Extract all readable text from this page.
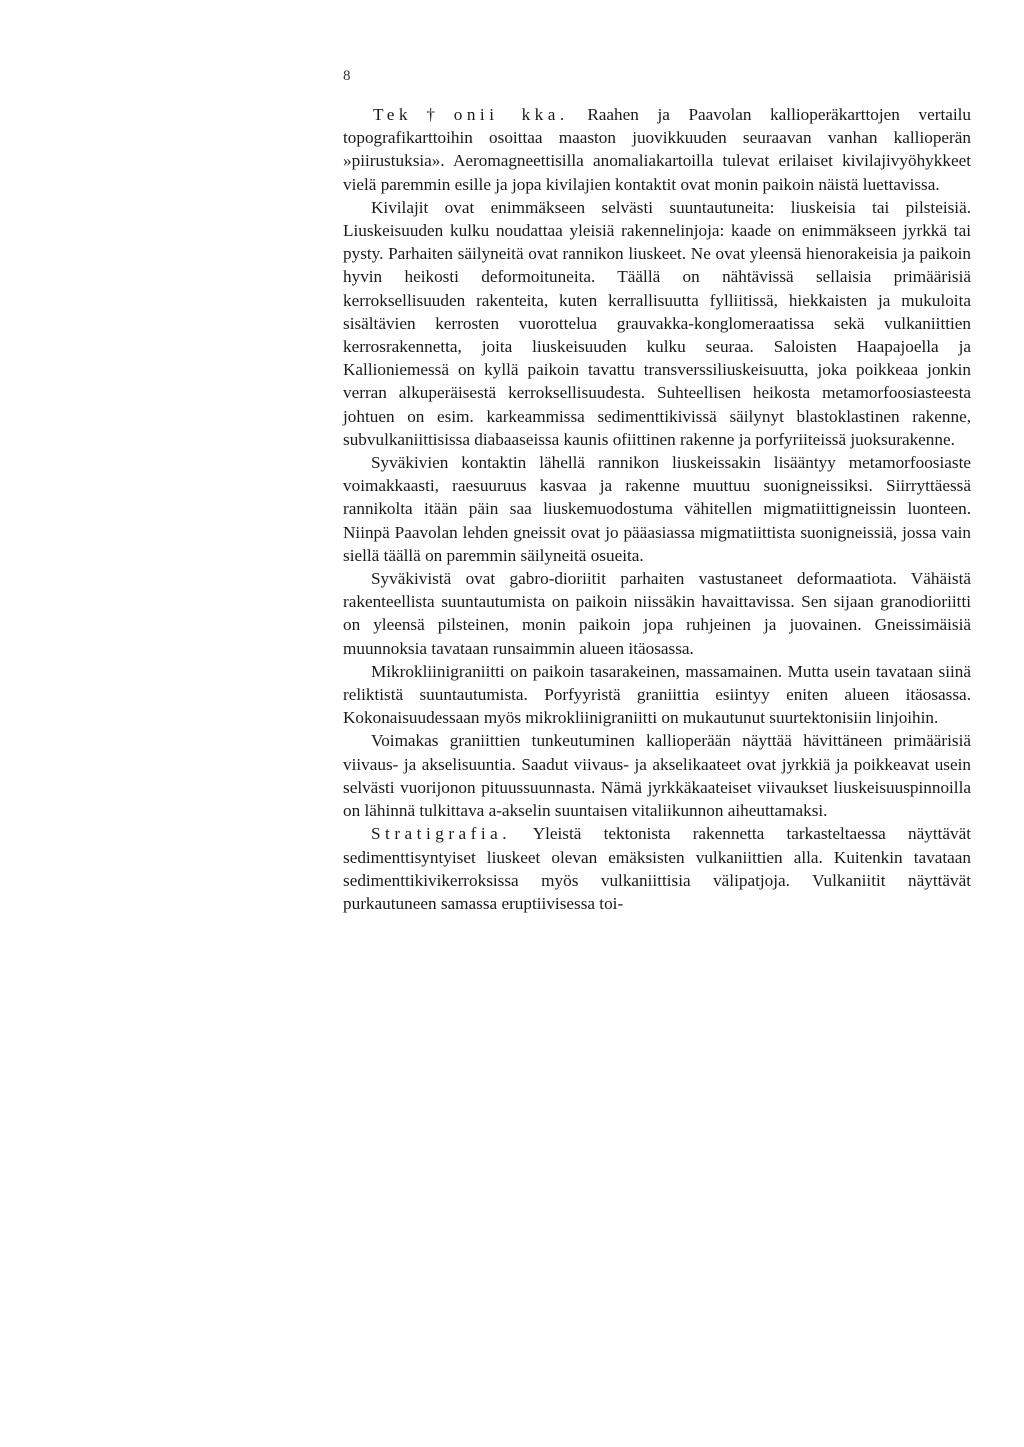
8

Tek†onii kka. Raahen ja Paavolan kallioperäkarttojen vertailu topografikarttoihin osoittaa maaston juovikkuuden seuraavan vanhan kallioperän »piirustuksia». Aeromagneettisilla anomaliakartoilla tulevat erilaiset kivilajivyöhykkeet vielä paremmin esille ja jopa kivilajien kontaktit ovat monin paikoin näistä luettavissa.

Kivilajit ovat enimmäkseen selvästi suuntautuneita: liuskeisia tai pilsteisiä. Liuskeisuuden kulku noudattaa yleisiä rakennelinjoja: kaade on enimmäkseen jyrkkä tai pysty. Parhaiten säilyneitä ovat rannikon liuskeet. Ne ovat yleensä hienorakeisia ja paikoin hyvin heikosti deformoituneita. Täällä on nähtävissä sellaisia primäärisiä kerroksellisuuden rakenteita, kuten kerrallisuutta fylliitissä, hiekkaisten ja mukuloita sisältävien kerrosten vuorottelua grauvakka-konglomeraatissa sekä vulkaniittien kerrosrakennetta, joita liuskeisuuden kulku seuraa. Saloisten Haapajoella ja Kallioniemessä on kyllä paikoin tavattu transverssiliuskeisuutta, joka poikkeaa jonkin verran alkuperäisestä kerroksellisuudesta. Suhteellisen heikosta metamorfoosiasteesta johtuen on esim. karkeammissa sedimenttikivissä säilynyt blastoklastinen rakenne, subvulkaniittisissa diabaaseissa kaunis ofiittinen rakenne ja porfyriiteissä juoksurakenne.

Syväkivien kontaktin lähellä rannikon liuskeissakin lisääntyy metamorfoosiaste voimakkaasti, raesuuruus kasvaa ja rakenne muuttuu suonigneissiksi. Siirryttäessä rannikolta itään päin saa liuskemuodostuma vähitellen migmatiittigneissin luonteen. Niinpä Paavolan lehden gneissit ovat jo pääasiassa migmatiittista suonigneissiä, jossa vain siellä täällä on paremmin säilyneitä osueita.

Syväkivistä ovat gabro-dioriitit parhaiten vastustaneet deformaatiota. Vähäistä rakenteellista suuntautumista on paikoin niissäkin havaittavissa. Sen sijaan granodioriitti on yleensä pilsteinen, monin paikoin jopa ruhjeinen ja juovainen. Gneissimäisiä muunnoksia tavataan runsaimmin alueen itäosassa.

Mikrokliinigraniitti on paikoin tasarakeinen, massamainen. Mutta usein tavataan siinä reliktistä suuntautumista. Porfyyristä graniittia esiintyy eniten alueen itäosassa. Kokonaisuudessaan myös mikrokliinigraniitti on mukautunut suurtektonisiin linjoihin.

Voimakas graniittien tunkeutuminen kallioperään näyttää hävittäneen primäärisiä viivaus- ja akselisuuntia. Saadut viivaus- ja akselikaateet ovat jyrkkiä ja poikkeavat usein selvästi vuorijonon pituussuunnasta. Nämä jyrkkäkaateiset viivaukset liuskeisuuspinnoilla on lähinnä tulkittava a-akselin suuntaisen vitaliikunnon aiheuttamaksi.

Stratigrafia. Yleistä tektonista rakennetta tarkasteltaessa näyttävät sedimenttisyntyiset liuskeet olevan emäksisten vulkaniittien alla. Kuitenkin tavataan sedimenttikivikerroksissa myös vulkaniittisia välipatjoja. Vulkaniitit näyttävät purkautuneen samassa eruptiivisessa toi-
